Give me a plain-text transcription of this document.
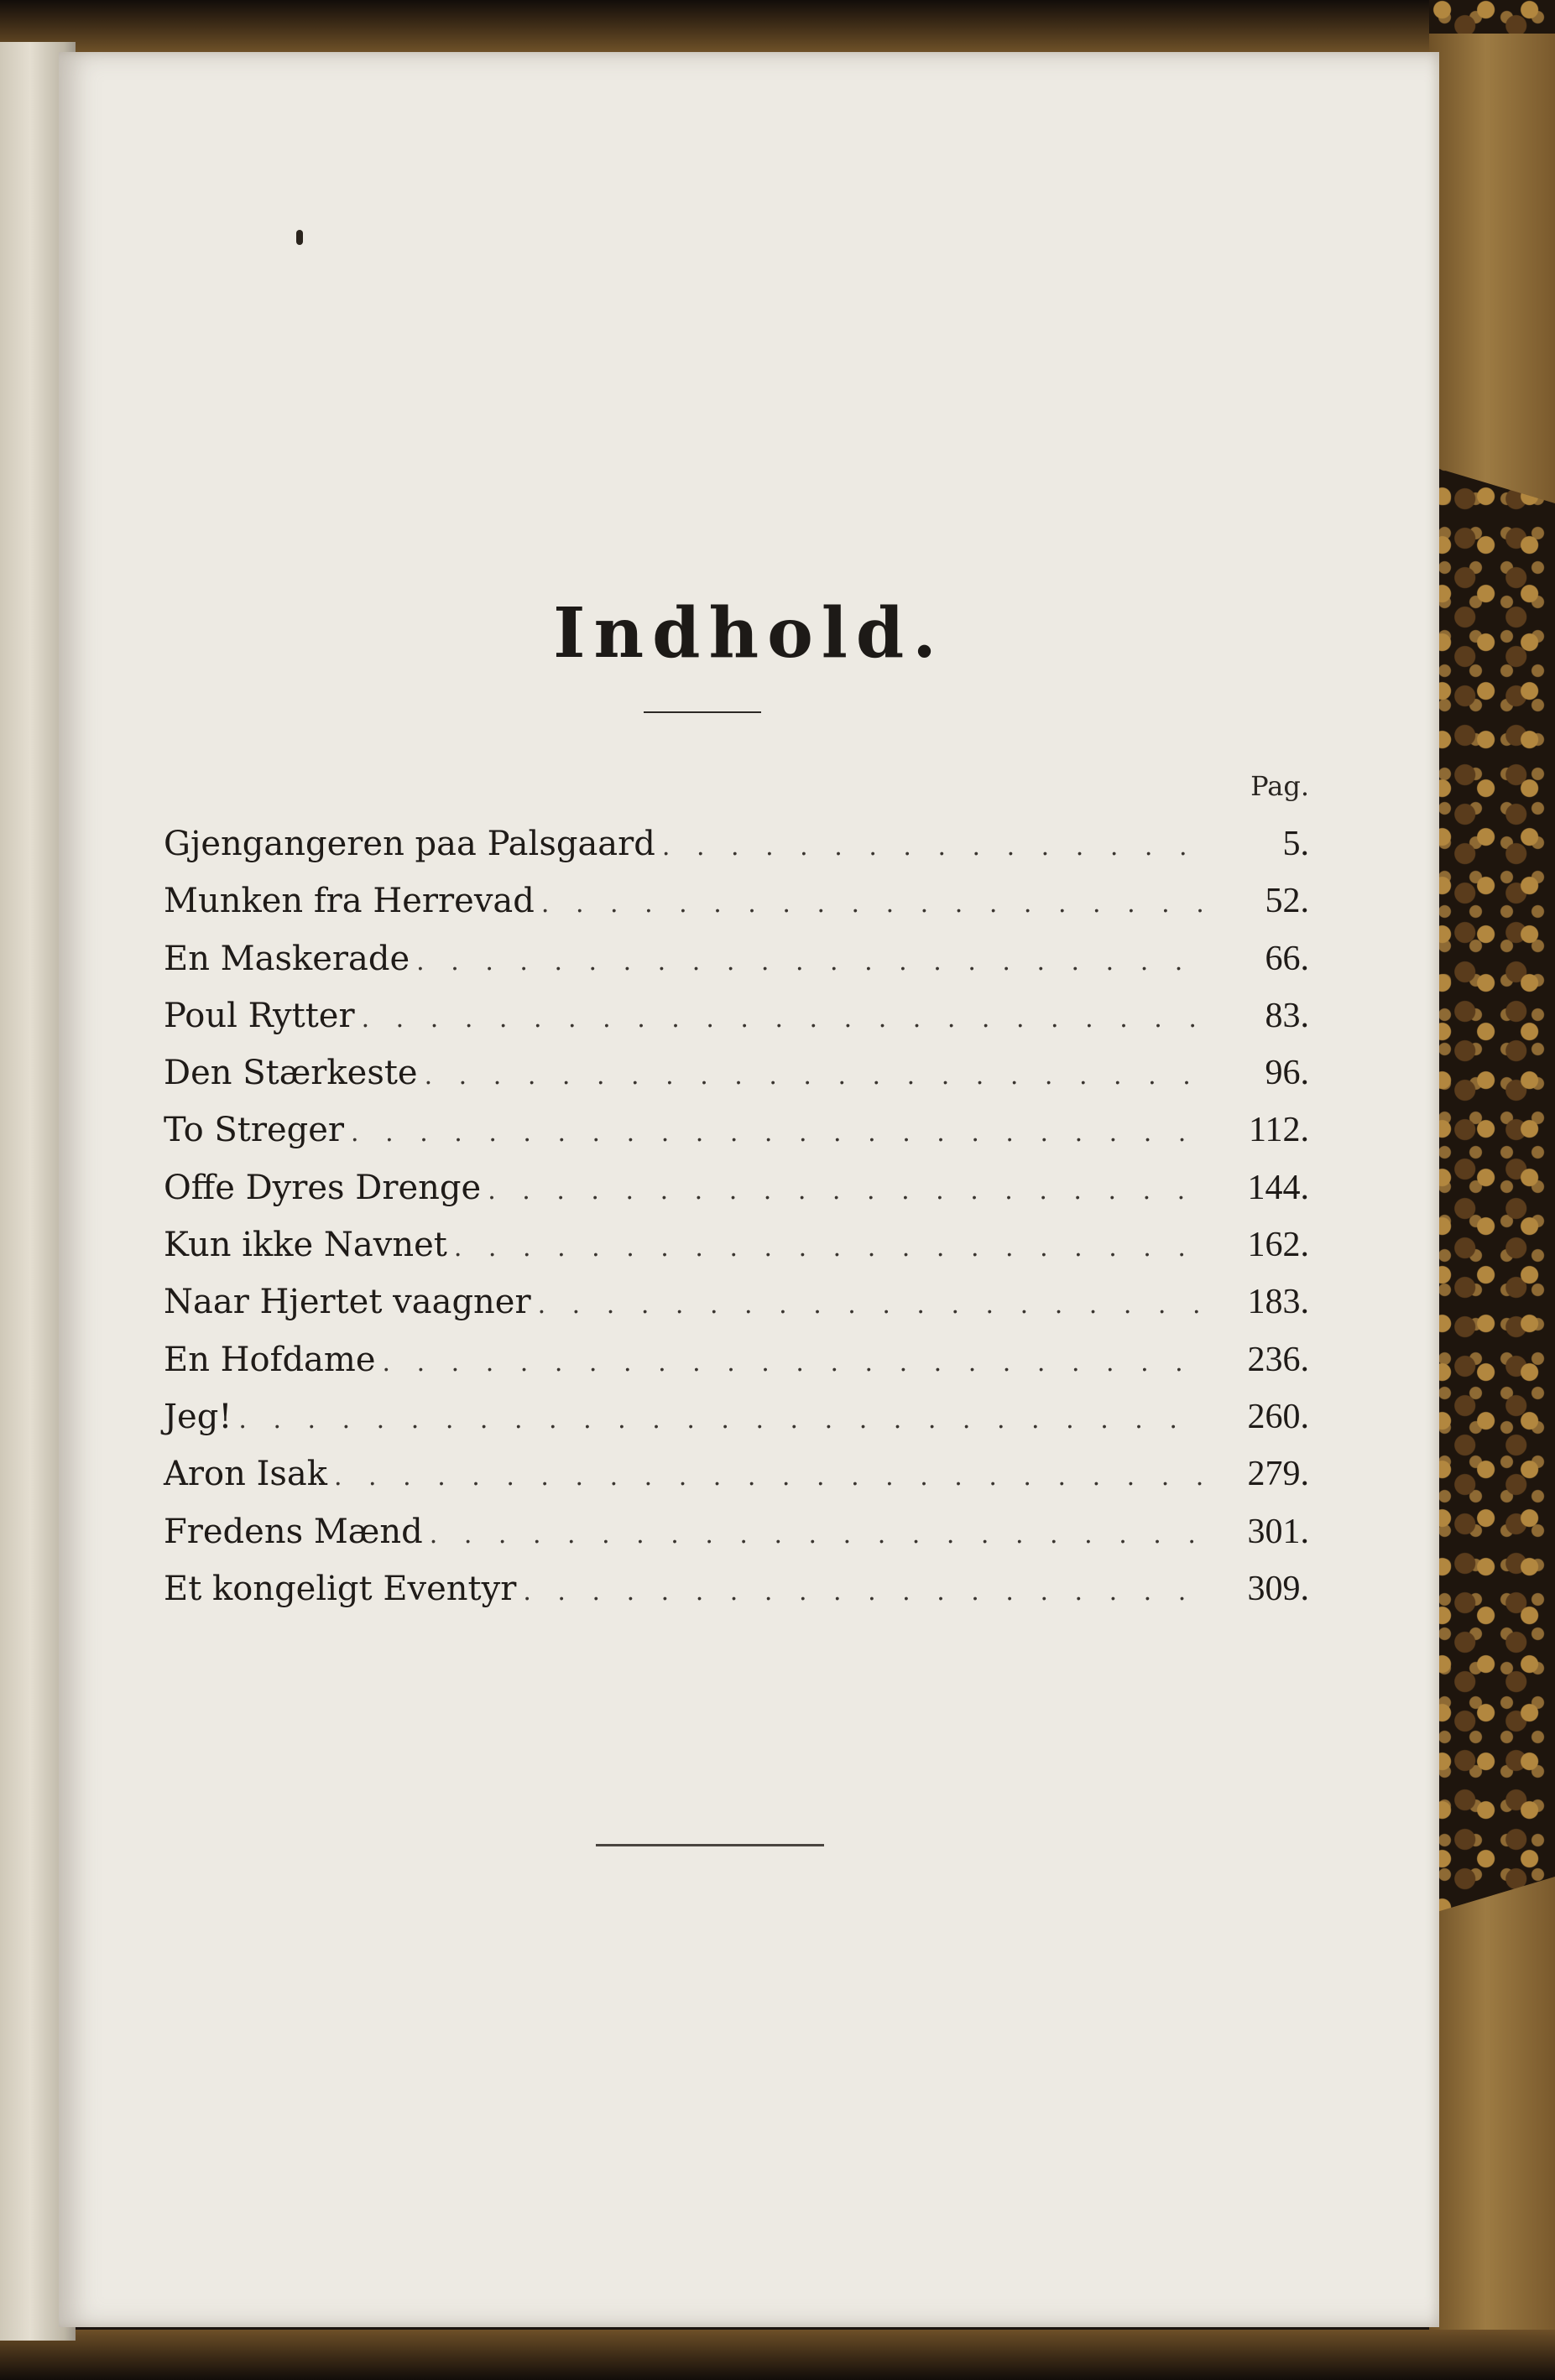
Indhold.
Pag.
Gjengangeren paa Palsgaard . . .	5.
Munken fra Herrevad . . .	52.
En Maskerade . . .	66.
Poul Rytter . . .	83.
Den Stærkeste . . .	96.
To Streger . . .	112.
Offe Dyres Drenge . . .	144.
Kun ikke Navnet . . .	162.
Naar Hjertet vaagner . . .	183.
En Hofdame . . .	236.
Jeg! . . .	260.
Aron Isak . . .	279.
Fredens Mænd . . .	301.
Et kongeligt Eventyr . . .	309.
